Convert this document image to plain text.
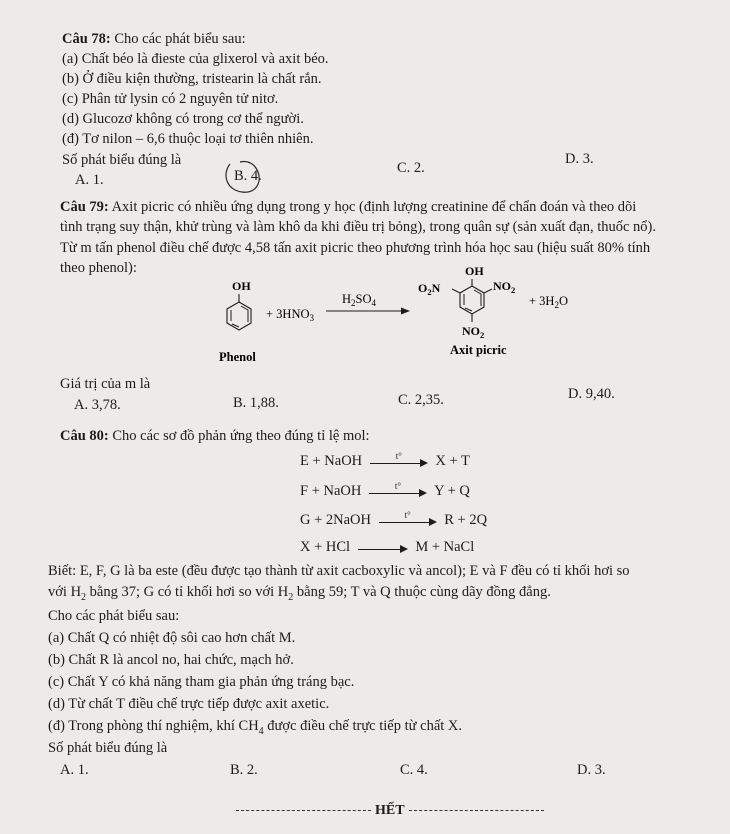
Câu 78: Cho các phát biểu sau:
(a) Chất béo là đieste của glixerol và axit béo.
(b) Ở điều kiện thường, tristearin là chất rắn.
(c) Phân tử lysin có 2 nguyên tử nitơ.
(d) Glucozơ không có trong cơ thể người.
(đ) Tơ nilon – 6,6 thuộc loại tơ thiên nhiên.
Số phát biểu đúng là
A. 1.	B. 4.	C. 2.
D. 3.
Câu 79: Axit picric có nhiều ứng dụng trong y học (định lượng creatinine để chẩn đoán và theo dõi
tình trạng suy thận, khử trùng và làm khô da khi điều trị bỏng), trong quân sự (sản xuất đạn, thuốc nổ).
Từ m tấn phenol điều chế được 4,58 tấn axit picric theo phương trình hóa học sau (hiệu suất 80% tính
theo phenol):
OH
+ $3HNO_3$
$H_2SO_4$
OH
$O_2N$	$NO_2$
$NO_2$
+ $3H_2O$
Phenol	Axit picric
Giá trị của m là
A. 3,78.	B. 1,88.	C. 2,35.	D. 9,40.
Câu 80: Cho các sơ đồ phản ứng theo đúng tỉ lệ mol:
E + NaOH	t°	X + T
F + NaOH	t°	Y + Q
G + 2NaOH	t°	R + 2Q
X + HCl	M + NaCl
Biết: E, F, G là ba este (đều được tạo thành từ axit cacboxylic và ancol); E và F đều có tỉ khối hơi so
với $H_2$ bằng 37; G có tỉ khối hơi so với $H_2$ bằng 59; T và Q thuộc cùng dãy đồng đẳng.
Cho các phát biểu sau:
(a) Chất Q có nhiệt độ sôi cao hơn chất M.
(b) Chất R là ancol no, hai chức, mạch hở.
(c) Chất Y có khả năng tham gia phản ứng tráng bạc.
(d) Từ chất T điều chế trực tiếp được axit axetic.
(đ) Trong phòng thí nghiệm, khí $CH_4$ được điều chế trực tiếp từ chất X.
Số phát biểu đúng là
A. 1.	B. 2.	C. 4.	D. 3.
HẾT
